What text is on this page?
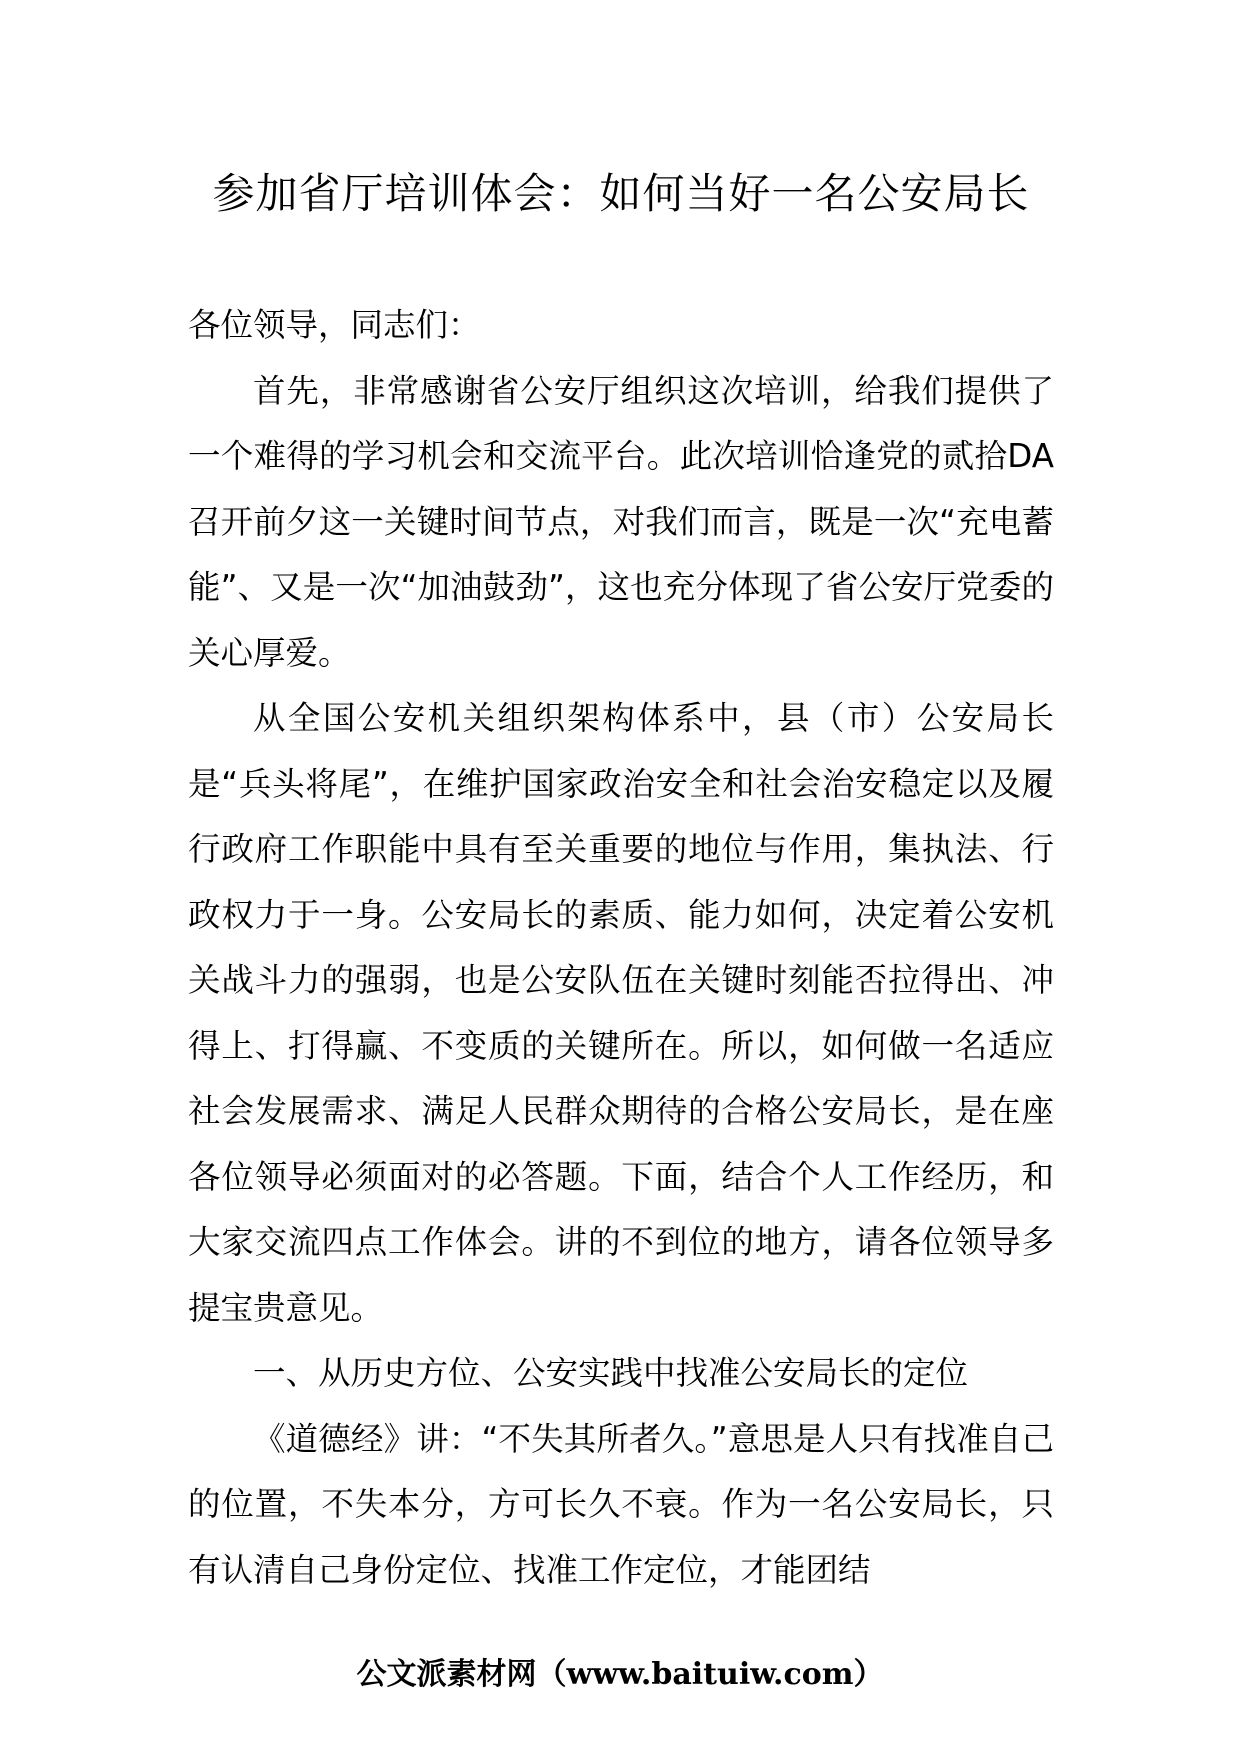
参加省厅培训体会：如何当好一名公安局长

各位领导，同志们：

首先，非常感谢省公安厅组织这次培训，给我们提供了一个难得的学习机会和交流平台。此次培训恰逢党的贰拾DA召开前夕这一关键时间节点，对我们而言，既是一次“充电蓄能”、又是一次“加油鼓劲”，这也充分体现了省公安厅党委的关心厚爱。

从全国公安机关组织架构体系中，县（市）公安局长是“兵头将尾”，在维护国家政治安全和社会治安稳定以及履行政府工作职能中具有至关重要的地位与作用，集执法、行政权力于一身。公安局长的素质、能力如何，决定着公安机关战斗力的强弱，也是公安队伍在关键时刻能否拉得出、冲得上、打得赢、不变质的关键所在。所以，如何做一名适应社会发展需求、满足人民群众期待的合格公安局长，是在座各位领导必须面对的必答题。下面，结合个人工作经历，和大家交流四点工作体会。讲的不到位的地方，请各位领导多提宝贵意见。

一、从历史方位、公安实践中找准公安局长的定位

《道德经》讲：“不失其所者久。”意思是人只有找准自己的位置，不失本分，方可长久不衰。作为一名公安局长，只有认清自己身份定位、找准工作定位，才能团结

公文派素材网（www.baituiw.com）
